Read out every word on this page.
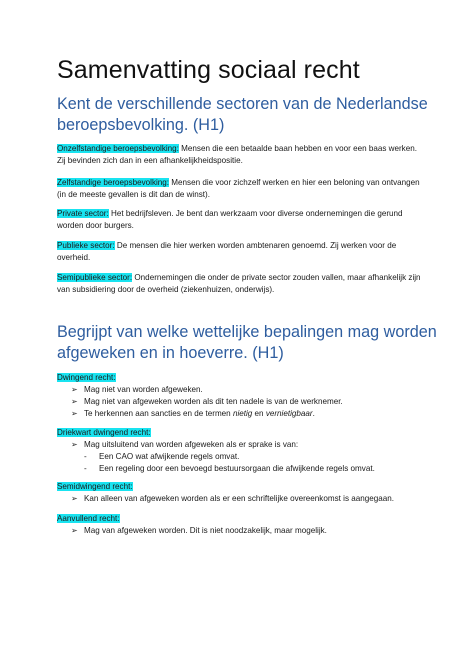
Samenvatting sociaal recht
Kent de verschillende sectoren van de Nederlandse beroepsbevolking. (H1)
Onzelfstandige beroepsbevolking: Mensen die een betaalde baan hebben en voor een baas werken. Zij bevinden zich dan in een afhankelijkheidspositie.
Zelfstandige beroepsbevolking: Mensen die voor zichzelf werken en hier een beloning van ontvangen (in de meeste gevallen is dit dan de winst).
Private sector: Het bedrijfsleven. Je bent dan werkzaam voor diverse ondernemingen die gerund worden door burgers.
Publieke sector: De mensen die hier werken worden ambtenaren genoemd. Zij werken voor de overheid.
Semipublieke sector: Ondernemingen die onder de private sector zouden vallen, maar afhankelijk zijn van subsidiering door de overheid (ziekenhuizen, onderwijs).
Begrijpt van welke wettelijke bepalingen mag worden afgeweken en in hoeverre. (H1)
Dwingend recht:
➢ Mag niet van worden afgeweken.
➢ Mag niet van afgeweken worden als dit ten nadele is van de werknemer.
➢ Te herkennen aan sancties en de termen nietig en vernietigbaar.
Driekwart dwingend recht:
➢ Mag uitsluitend van worden afgeweken als er sprake is van:
- Een CAO wat afwijkende regels omvat.
- Een regeling door een bevoegd bestuursorgaan die afwijkende regels omvat.
Semidwingend recht:
➢ Kan alleen van afgeweken worden als er een schriftelijke overeenkomst is aangegaan.
Aanvullend recht:
➢ Mag van afgeweken worden. Dit is niet noodzakelijk, maar mogelijk.
